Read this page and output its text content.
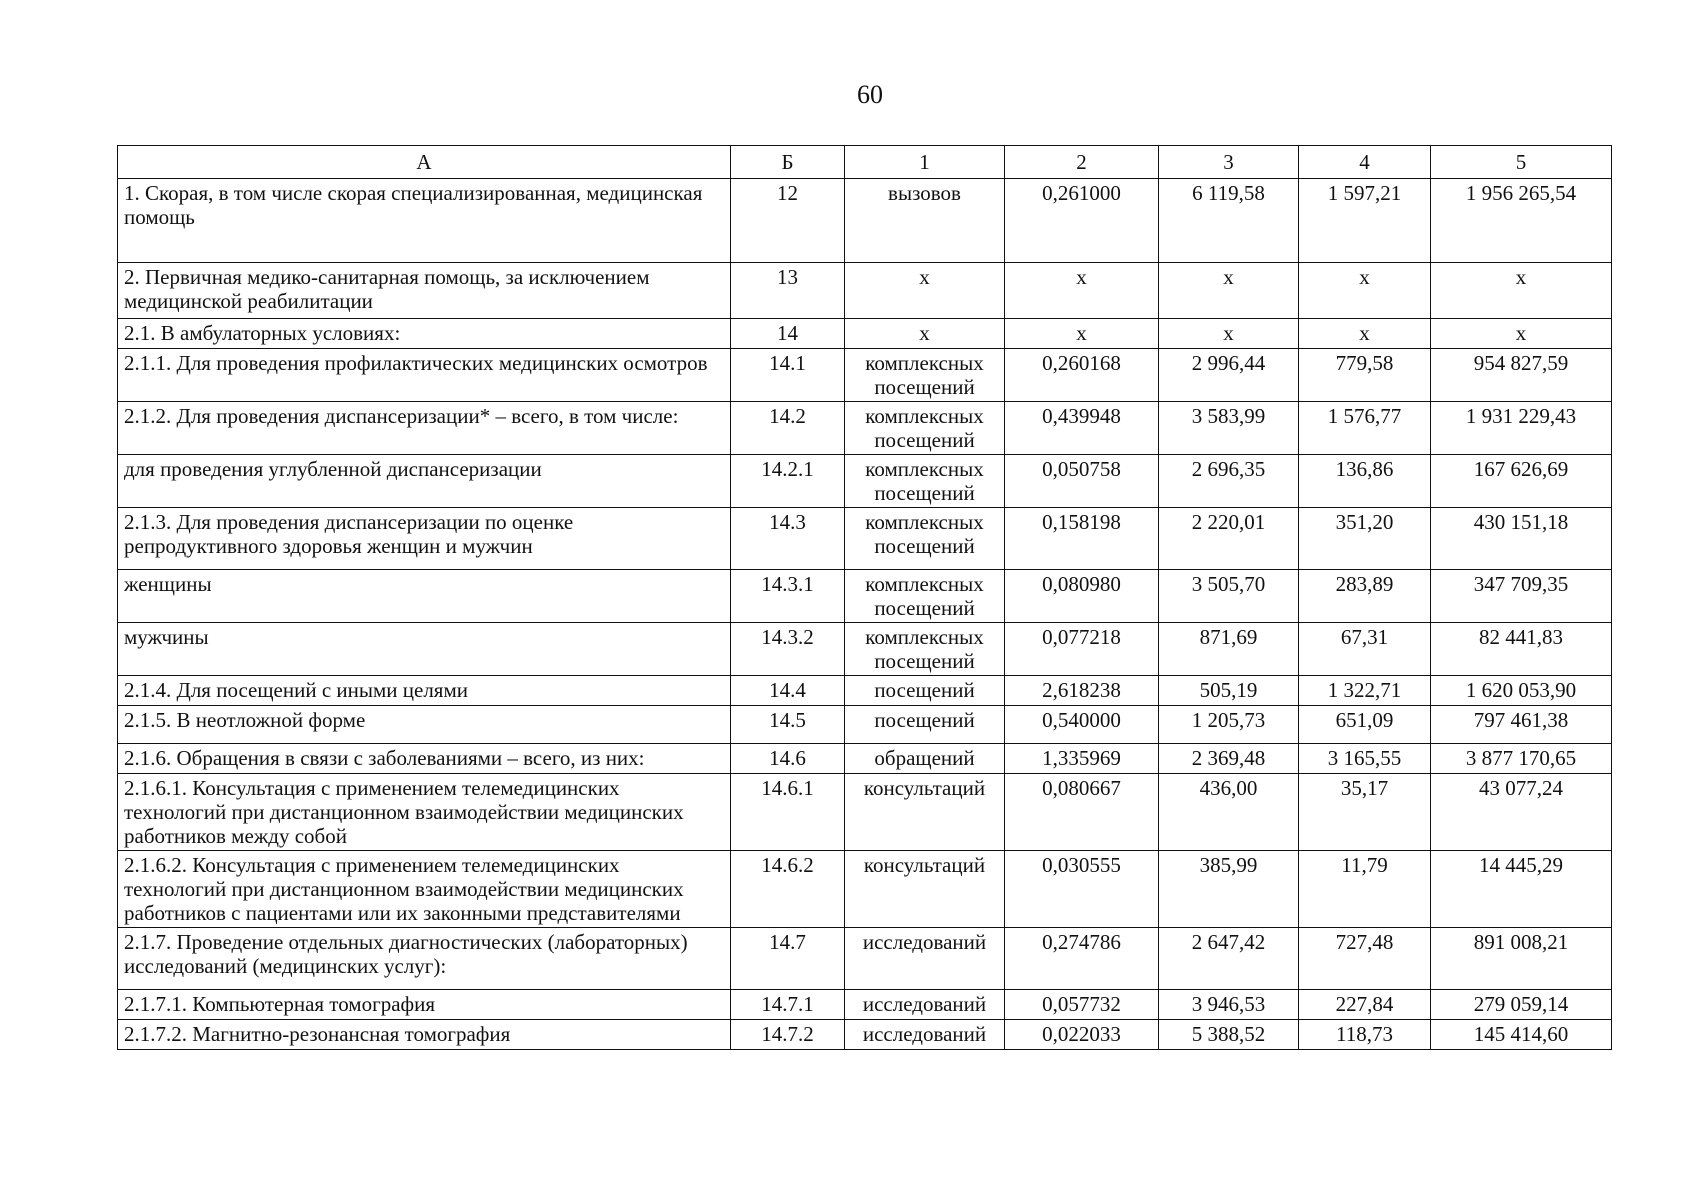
60
А	Б	1	2	3	4	5
1. Скорая, в том числе скорая специализированная, медицинская помощь	12	вызовов	0,261000	6 119,58	1 597,21	1 956 265,54
2. Первичная медико-санитарная помощь, за исключением медицинской реабилитации	13	х	х	х	х	х
2.1. В амбулаторных условиях:	14	х	х	х	х	х
2.1.1. Для проведения профилактических медицинских осмотров	14.1	комплексных посещений	0,260168	2 996,44	779,58	954 827,59
2.1.2. Для проведения диспансеризации* – всего, в том числе:	14.2	комплексных посещений	0,439948	3 583,99	1 576,77	1 931 229,43
для проведения углубленной диспансеризации	14.2.1	комплексных посещений	0,050758	2 696,35	136,86	167 626,69
2.1.3. Для проведения диспансеризации по оценке репродуктивного здоровья женщин и мужчин	14.3	комплексных посещений	0,158198	2 220,01	351,20	430 151,18
женщины	14.3.1	комплексных посещений	0,080980	3 505,70	283,89	347 709,35
мужчины	14.3.2	комплексных посещений	0,077218	871,69	67,31	82 441,83
2.1.4. Для посещений с иными целями	14.4	посещений	2,618238	505,19	1 322,71	1 620 053,90
2.1.5. В неотложной форме	14.5	посещений	0,540000	1 205,73	651,09	797 461,38
2.1.6. Обращения в связи с заболеваниями – всего, из них:	14.6	обращений	1,335969	2 369,48	3 165,55	3 877 170,65
2.1.6.1. Консультация с применением телемедицинских технологий при дистанционном взаимодействии медицинских работников между собой	14.6.1	консультаций	0,080667	436,00	35,17	43 077,24
2.1.6.2. Консультация с применением телемедицинских технологий при дистанционном взаимодействии медицинских работников с пациентами или их законными представителями	14.6.2	консультаций	0,030555	385,99	11,79	14 445,29
2.1.7. Проведение отдельных диагностических (лабораторных) исследований (медицинских услуг):	14.7	исследований	0,274786	2 647,42	727,48	891 008,21
2.1.7.1. Компьютерная томография	14.7.1	исследований	0,057732	3 946,53	227,84	279 059,14
2.1.7.2. Магнитно-резонансная томография	14.7.2	исследований	0,022033	5 388,52	118,73	145 414,60
